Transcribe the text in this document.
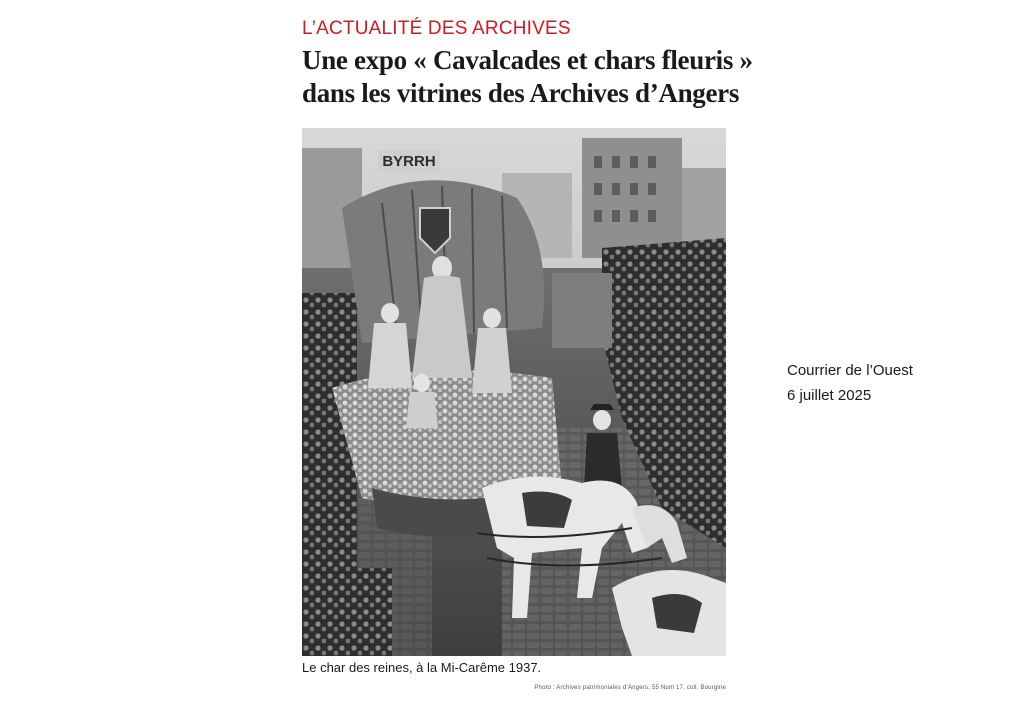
L’ACTUALITÉ DES ARCHIVES
Une expo « Cavalcades et chars fleuris »
dans les vitrines des Archives d’Angers
BYRRH
Le char des reines, à la Mi-Carême 1937.
Photo : Archives patrimoniales d’Angers, 55 Num 17, coll. Bourgine
Courrier de l’Ouest
6 juillet 2025
